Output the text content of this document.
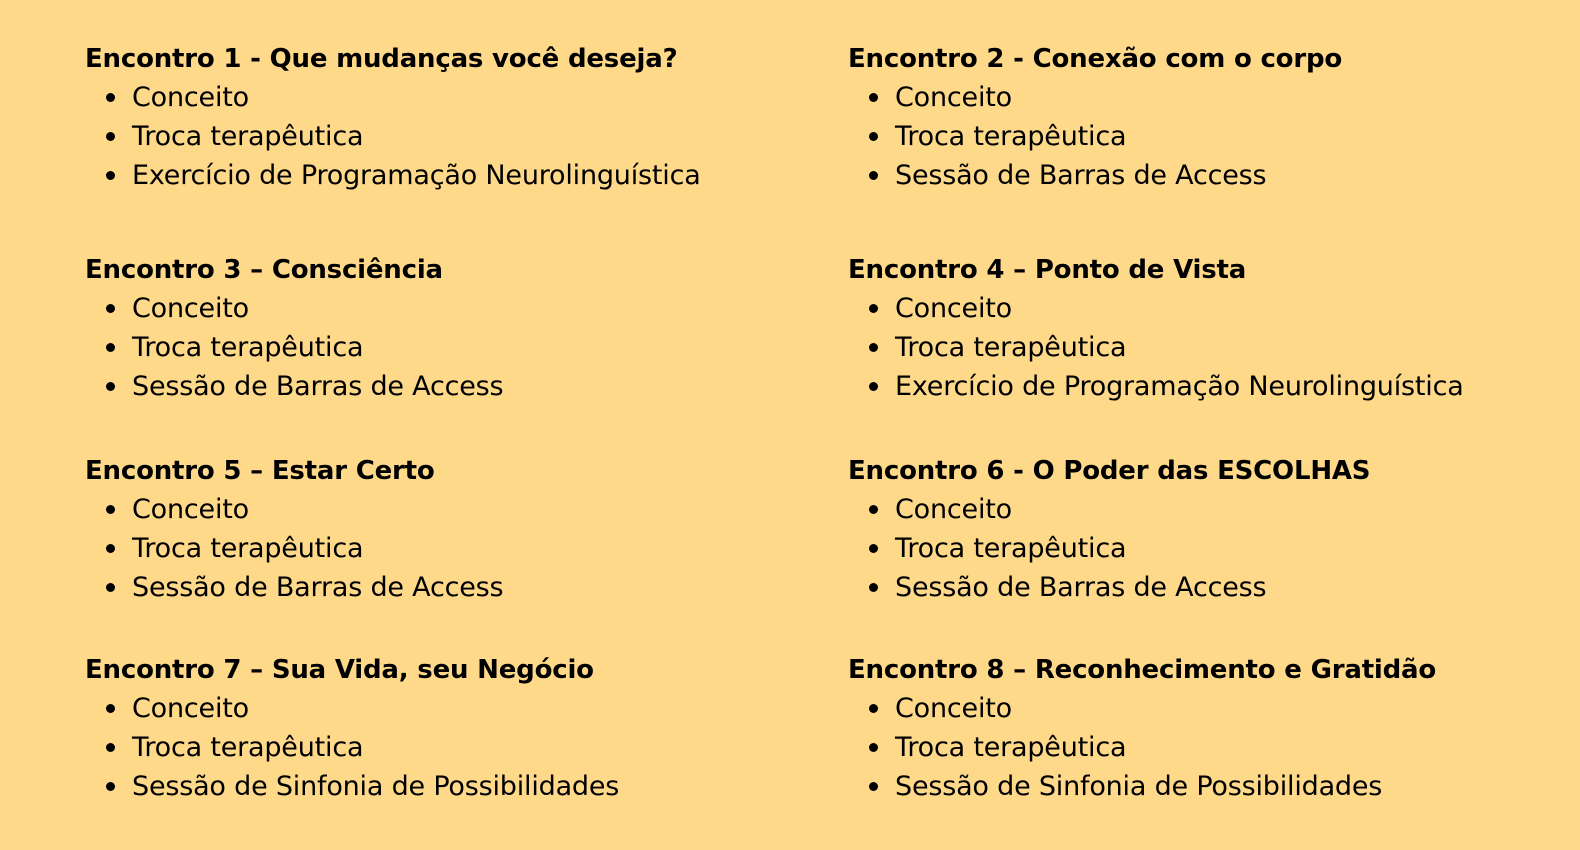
Encontro 1 - Que mudanças você deseja?
Conceito
Troca terapêutica
Exercício de Programação Neurolinguística
Encontro 2 - Conexão com o corpo
Conceito
Troca terapêutica
Sessão de Barras de Access
Encontro 3 – Consciência
Conceito
Troca terapêutica
Sessão de Barras de Access
Encontro 4 – Ponto de Vista
Conceito
Troca terapêutica
Exercício de Programação Neurolinguística
Encontro 5 – Estar Certo
Conceito
Troca terapêutica
Sessão de Barras de Access
Encontro 6 - O Poder das ESCOLHAS
Conceito
Troca terapêutica
Sessão de Barras de Access
Encontro 7 – Sua Vida, seu Negócio
Conceito
Troca terapêutica
Sessão de Sinfonia de Possibilidades
Encontro 8 – Reconhecimento e Gratidão
Conceito
Troca terapêutica
Sessão de Sinfonia de Possibilidades
